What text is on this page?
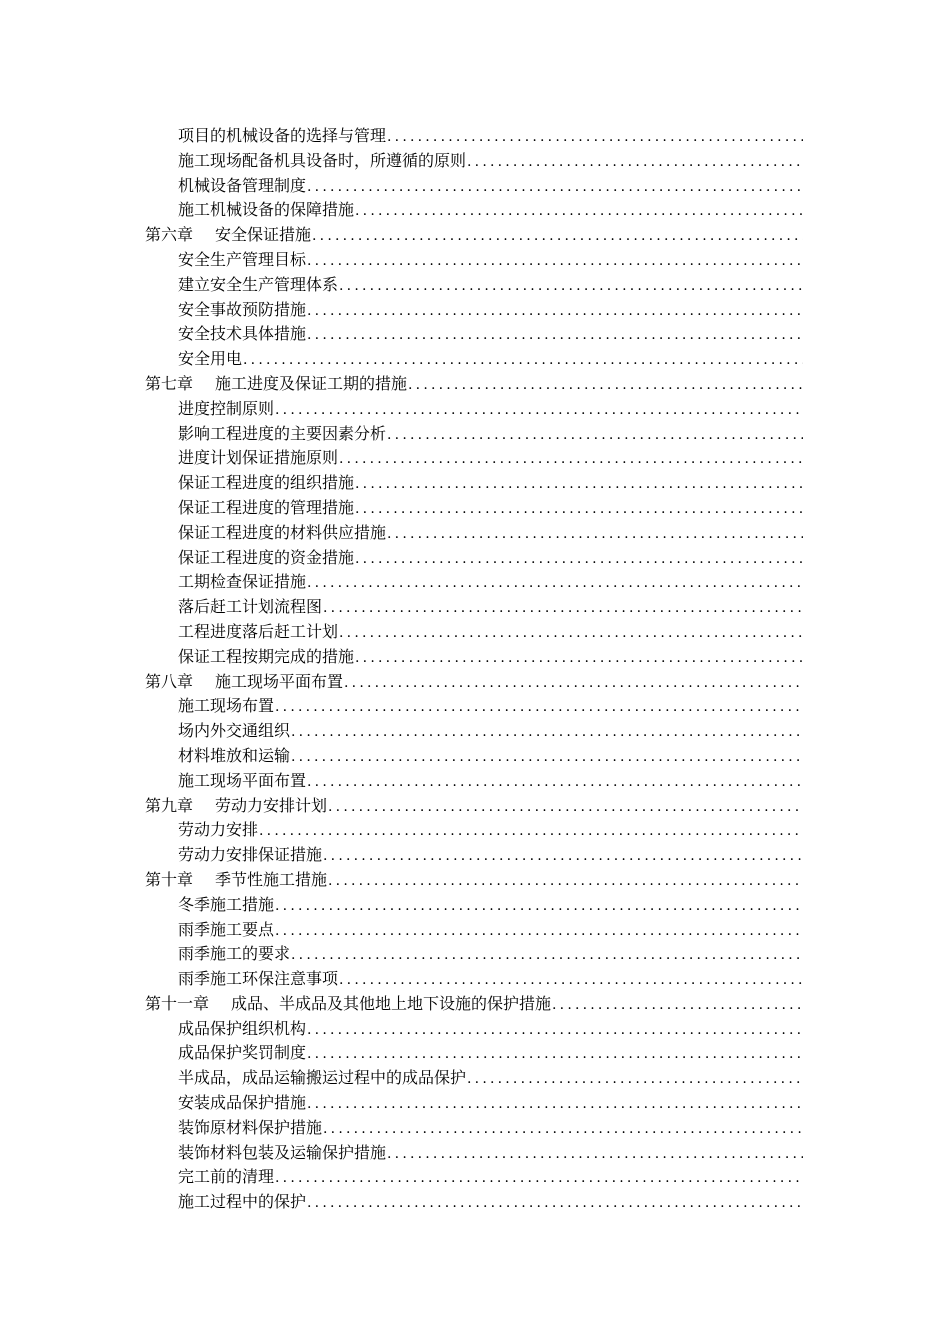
项目的机械设备的选择与管理
.....
施工现场配备机具设备时，所遵循的原则
.....
机械设备管理制度
.....
施工机械设备的保障措施
.....
第六章 安全保证措施
.....
安全生产管理目标
.....
建立安全生产管理体系
.....
安全事故预防措施
.....
安全技术具体措施
.....
安全用电
.....
第七章 施工进度及保证工期的措施
.....
进度控制原则
.....
影响工程进度的主要因素分析
.....
进度计划保证措施原则
.....
保证工程进度的组织措施
.....
保证工程进度的管理措施
.....
保证工程进度的材料供应措施
.....
保证工程进度的资金措施
.....
工期检查保证措施
.....
落后赶工计划流程图
.....
工程进度落后赶工计划
.....
保证工程按期完成的措施
.....
第八章 施工现场平面布置
.....
施工现场布置
.....
场内外交通组织
.....
材料堆放和运输
.....
施工现场平面布置
.....
第九章 劳动力安排计划
.....
劳动力安排
.....
劳动力安排保证措施
.....
第十章 季节性施工措施
.....
冬季施工措施
.....
雨季施工要点
.....
雨季施工的要求
.....
雨季施工环保注意事项
.....
第十一章 成品、半成品及其他地上地下设施的保护措施
.....
成品保护组织机构
.....
成品保护奖罚制度
.....
半成品，成品运输搬运过程中的成品保护
.....
安装成品保护措施
.....
装饰原材料保护措施
.....
装饰材料包装及运输保护措施
.....
完工前的清理
.....
施工过程中的保护
.....
